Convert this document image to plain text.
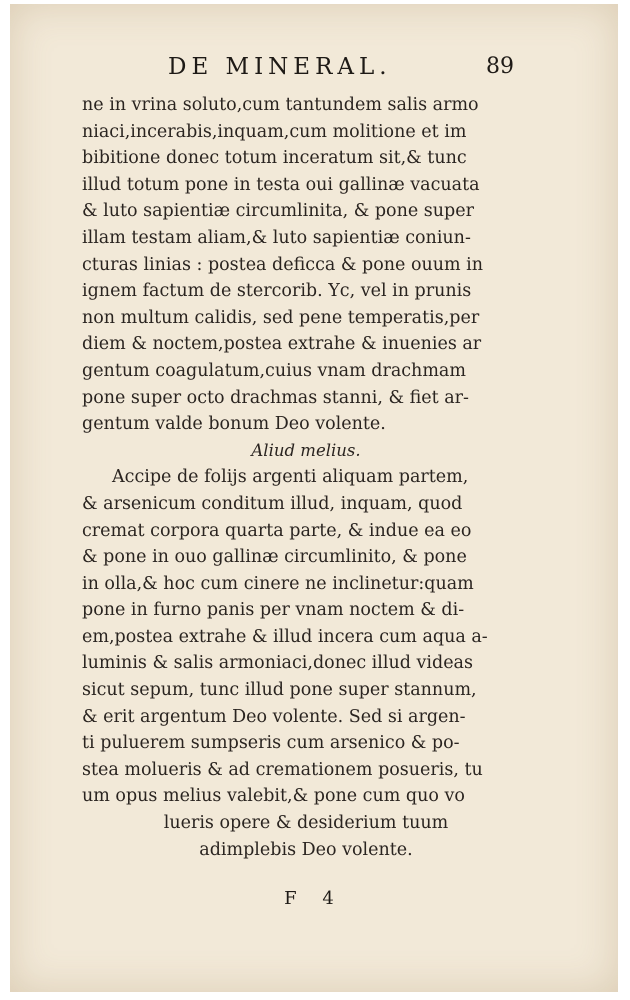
DE MINERAL.	89
ne in vrina soluto,cum tantundem salis armo
niaci,incerabis,inquam,cum molitione et im
bibitione donec totum inceratum sit,& tunc
illud totum pone in testa oui gallinæ vacuata
& luto sapientiæ circumlinita, & pone super
illam testam aliam,& luto sapientiæ coniun-
cturas linias : postea deficca & pone ouum in
ignem factum de stercorib. Yc, vel in prunis
non multum calidis, sed pene temperatis,per
diem & noctem,postea extrahe & inuenies ar
gentum coagulatum,cuius vnam drachmam
pone super octo drachmas stanni, & fiet ar-
gentum valde bonum Deo volente.
Aliud melius.
Accipe de folijs argenti aliquam partem,
& arsenicum conditum illud, inquam, quod
cremat corpora quarta parte, & indue ea eo
& pone in ouo gallinæ circumlinito, & pone
in olla,& hoc cum cinere ne inclinetur:quam
pone in furno panis per vnam noctem & di-
em,postea extrahe & illud incera cum aqua a-
luminis & salis armoniaci,donec illud videas
sicut sepum, tunc illud pone super stannum,
& erit argentum Deo volente. Sed si argen-
ti puluerem sumpseris cum arsenico & po-
stea molueris & ad cremationem posueris, tu
um opus melius valebit,& pone cum quo vo
lueris opere & desiderium tuum
adimplebis Deo volente.
F 4
